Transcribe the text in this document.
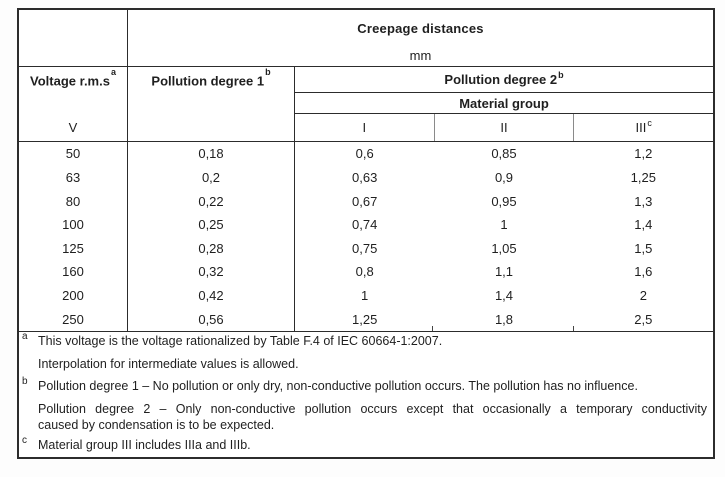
Creepage distances
mm
Voltage $r.m.s^a$
V
Pollution degree 1$^b$	Pollution degree 2$^b$
Material group
I	II	III$^c$
50	0,18	0,6	0,85	1,2
63	0,2	0,63	0,9	1,25
80	0,22	0,67	0,95	1,3
100	0,25	0,74	1	1,4
125	0,28	0,75	1,05	1,5
160	0,32	0,8	1,1	1,6
200	0,42	1	1,4	2
250	0,56	1,25	1,8	2,5
a This voltage is the voltage rationalized by Table F.4 of IEC 60664-1:2007.
Interpolation for intermediate values is allowed.
b Pollution degree 1 – No pollution or only dry, non-conductive pollution occurs. The pollution has no influence.
Pollution degree 2 – Only non-conductive pollution occurs except that occasionally a temporary conductivity
caused by condensation is to be expected.
c Material group III includes IIIa and IIIb.
